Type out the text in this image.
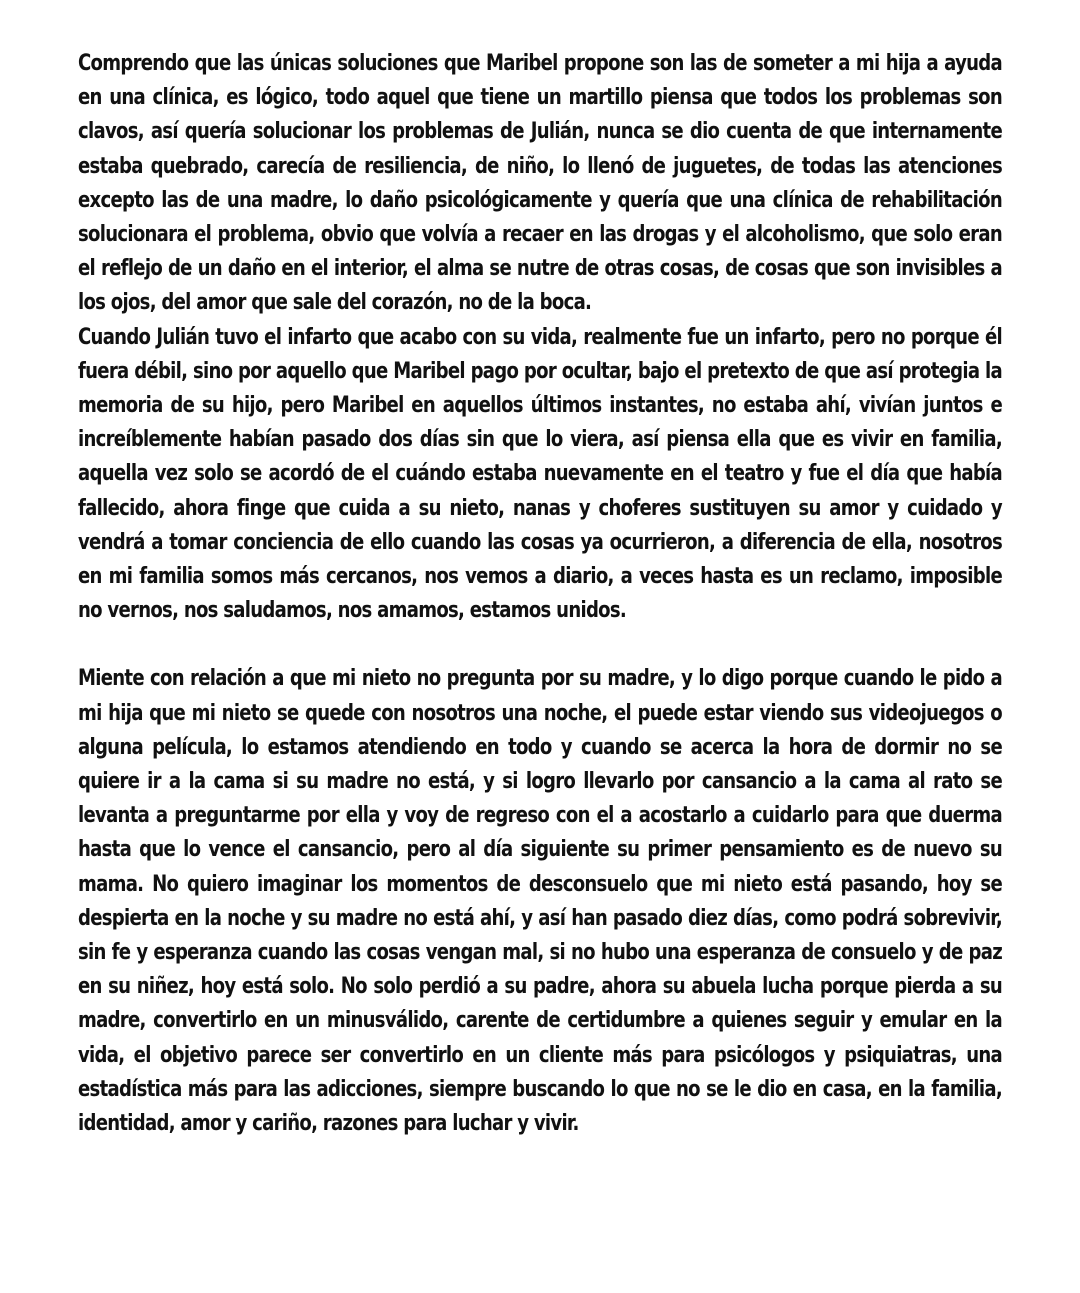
Comprendo que las únicas soluciones que Maribel propone son las de someter a mi hija a ayuda en una clínica, es lógico, todo aquel que tiene un martillo piensa que todos los problemas son clavos, así quería solucionar los problemas de Julián, nunca se dio cuenta de que internamente estaba quebrado, carecía de resiliencia, de niño, lo llenó de juguetes, de todas las atenciones excepto las de una madre, lo daño psicológicamente y quería que una clínica de rehabilitación solucionara el problema, obvio que volvía a recaer en las drogas y el alcoholismo, que solo eran el reflejo de un daño en el interior, el alma se nutre de otras cosas, de cosas que son invisibles a los ojos, del amor que sale del corazón, no de la boca.

Cuando Julián tuvo el infarto que acabo con su vida, realmente fue un infarto, pero no porque él fuera débil, sino por aquello que Maribel pago por ocultar, bajo el pretexto de que así protegia la memoria de su hijo, pero Maribel en aquellos últimos instantes, no estaba ahí, vivían juntos e increíblemente habían pasado dos días sin que lo viera, así piensa ella que es vivir en familia, aquella vez solo se acordó de el cuándo estaba nuevamente en el teatro y fue el día que había fallecido, ahora finge que cuida a su nieto, nanas y choferes sustituyen su amor y cuidado y vendrá a tomar conciencia de ello cuando las cosas ya ocurrieron, a diferencia de ella, nosotros en mi familia somos más cercanos, nos vemos a diario, a veces hasta es un reclamo, imposible no vernos, nos saludamos, nos amamos, estamos unidos.

Miente con relación a que mi nieto no pregunta por su madre, y lo digo porque cuando le pido a mi hija que mi nieto se quede con nosotros una noche, el puede estar viendo sus videojuegos o alguna película, lo estamos atendiendo en todo y cuando se acerca la hora de dormir no se quiere ir a la cama si su madre no está, y si logro llevarlo por cansancio a la cama al rato se levanta a preguntarme por ella y voy de regreso con el a acostarlo a cuidarlo para que duerma hasta que lo vence el cansancio, pero al día siguiente su primer pensamiento es de nuevo su mama. No quiero imaginar los momentos de desconsuelo que mi nieto está pasando, hoy se despierta en la noche y su madre no está ahí, y así han pasado diez días, como podrá sobrevivir, sin fe y esperanza cuando las cosas vengan mal, si no hubo una esperanza de consuelo y de paz en su niñez, hoy está solo. No solo perdió a su padre, ahora su abuela lucha porque pierda a su madre, convertirlo en un minusválido, carente de certidumbre a quienes seguir y emular en la vida, el objetivo parece ser convertirlo en un cliente más para psicólogos y psiquiatras, una estadística más para las adicciones, siempre buscando lo que no se le dio en casa, en la familia, identidad, amor y cariño, razones para luchar y vivir.
